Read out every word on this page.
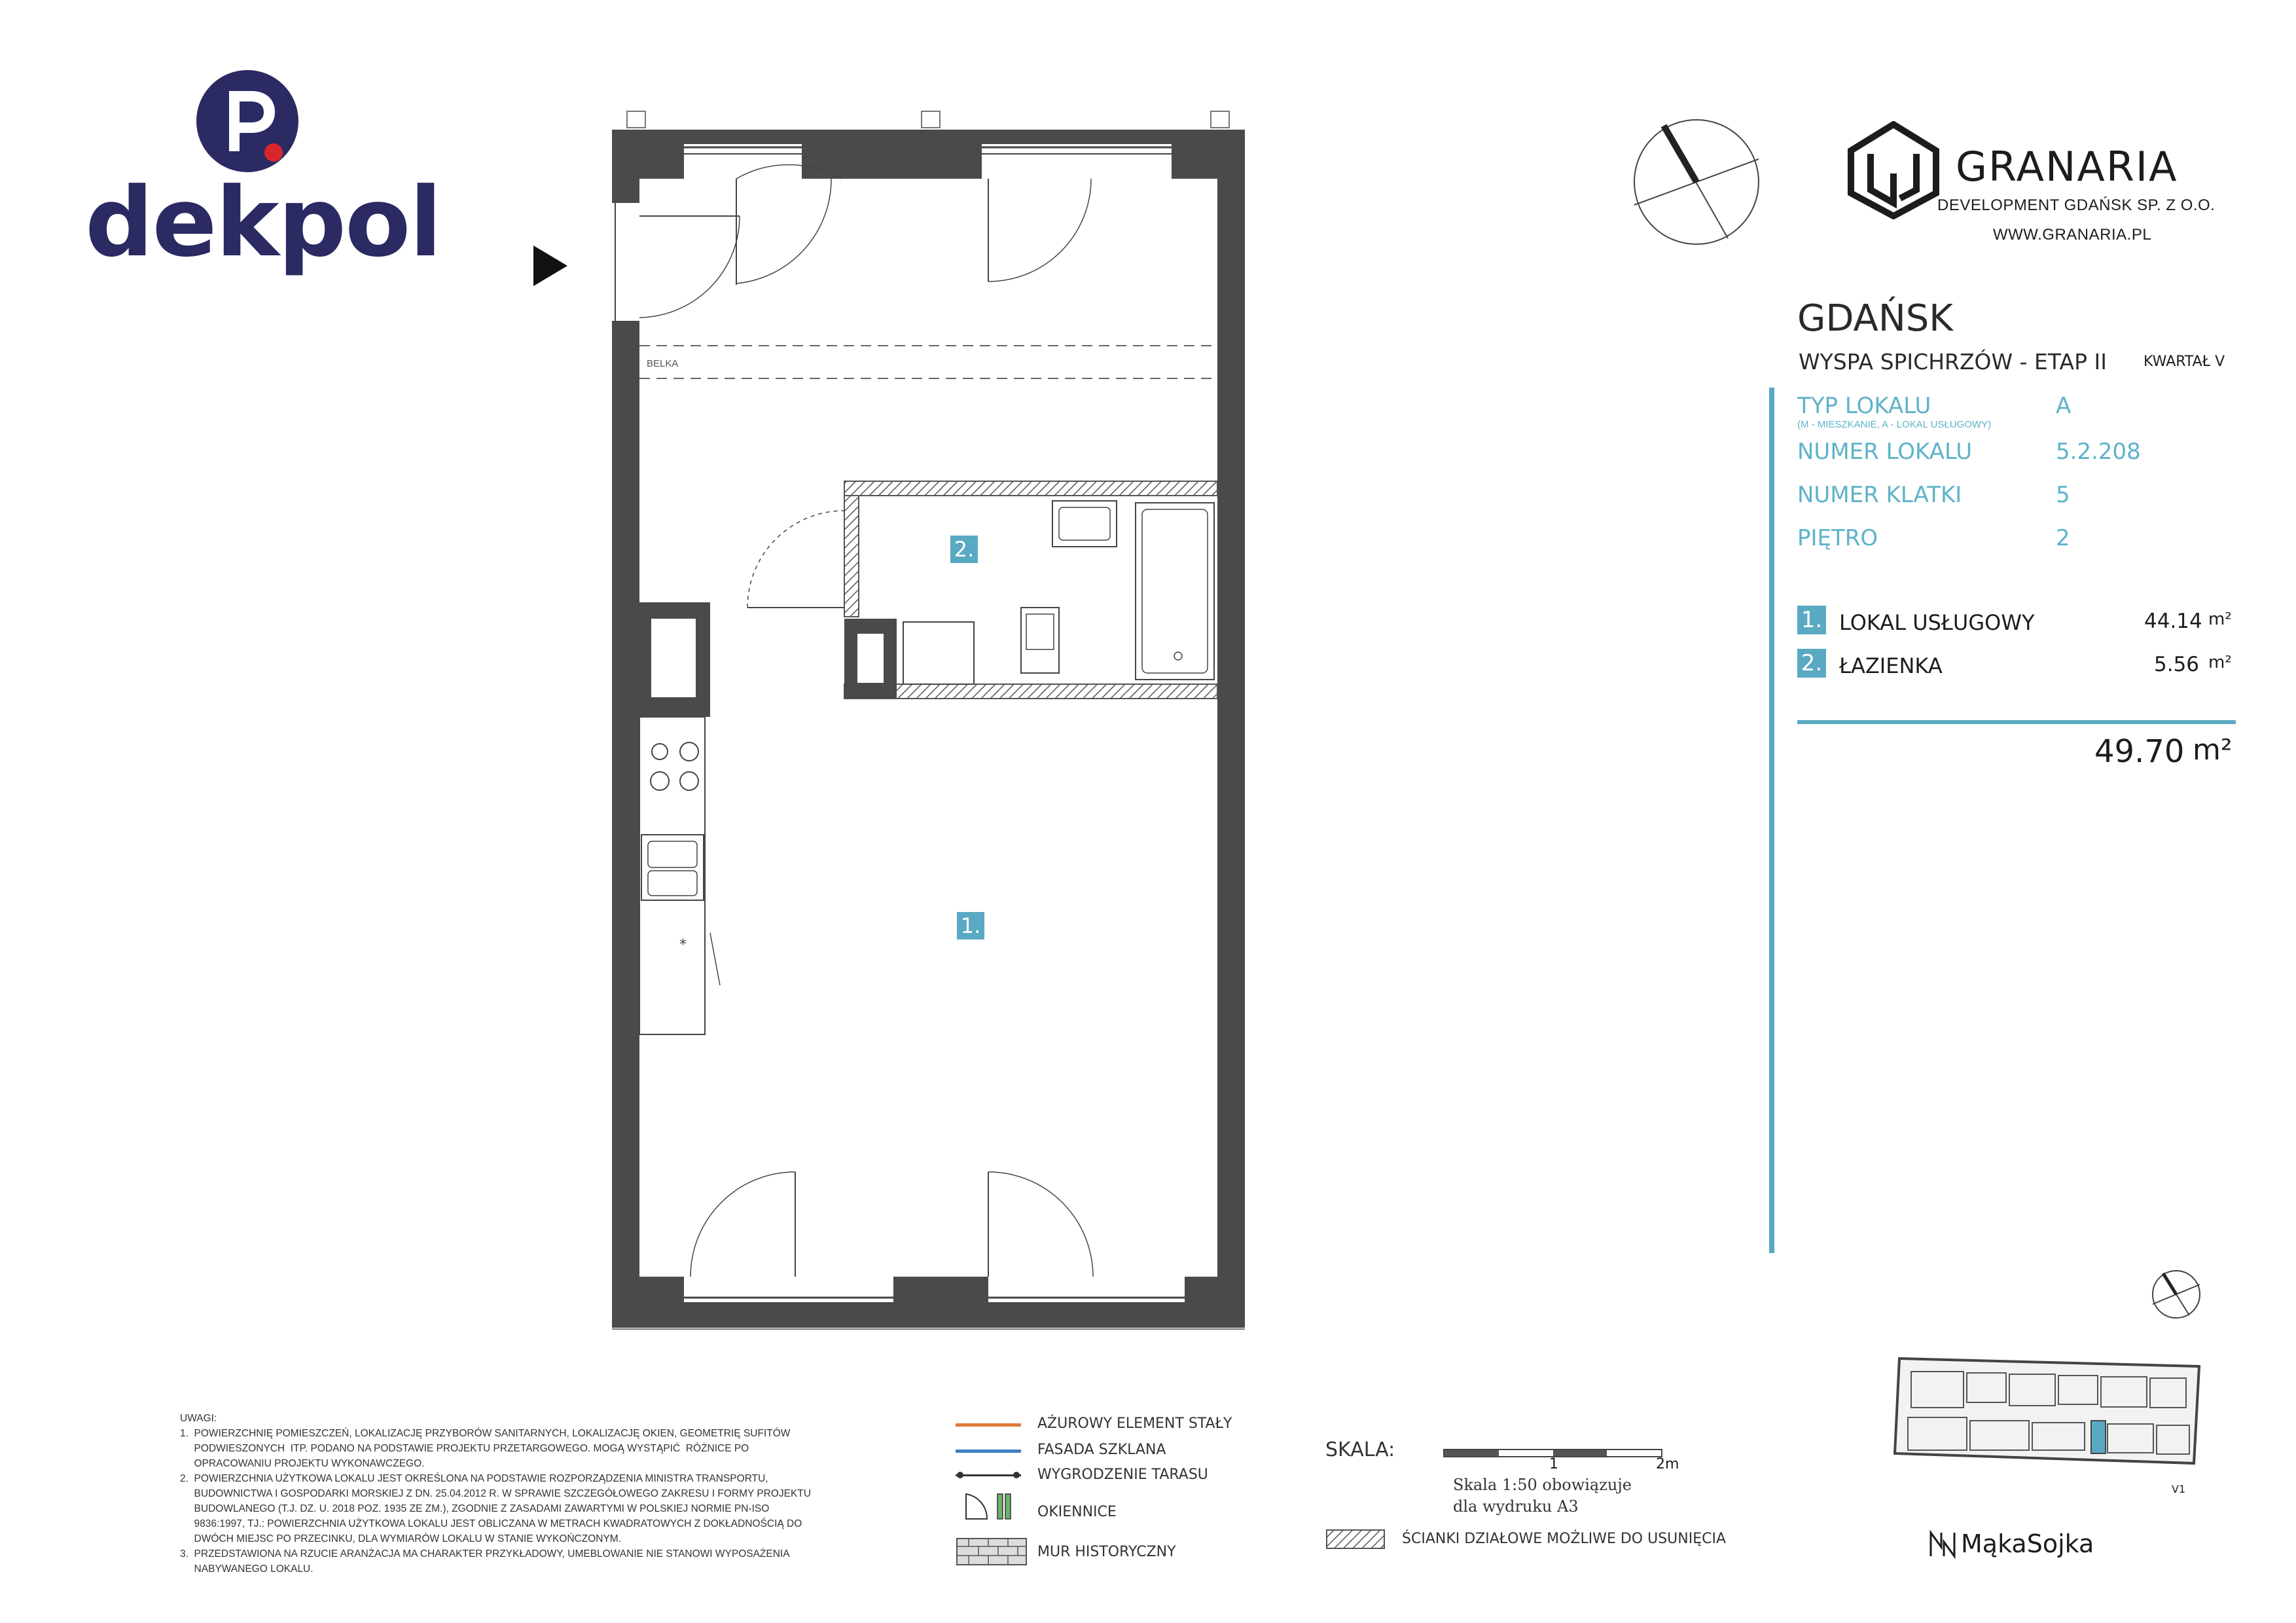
dekpol
BELKA
*
2.
1.
GRANARIA
DEVELOPMENT GDAŃSK SP. Z O.O.
WWW.GRANARIA.PL
GDAŃSK
WYSPA SPICHRZÓW - ETAP II	KWARTAŁ V
TYP LOKALU
(M - MIESZKANIE, A - LOKAL USŁUGOWY)
A
NUMER LOKALU	5.2.208
NUMER KLATKI	5
PIĘTRO	2
1. LOKAL USŁUGOWY	44.14 m²
2. ŁAZIENKA	5.56 m²
49.70 m²
V1
MąkaSojka
UWAGI:
1.  POWIERZCHNIĘ POMIESZCZEŃ, LOKALIZACJĘ PRZYBORÓW SANITARNYCH, LOKALIZACJĘ OKIEN, GEOMETRIĘ SUFITÓW
PODWIESZONYCH  ITP. PODANO NA PODSTAWIE PROJEKTU PRZETARGOWEGO. MOGĄ WYSTĄPIĆ  RÓŻNICE PO
OPRACOWANIU PROJEKTU WYKONAWCZEGO.
2.  POWIERZCHNIA UŻYTKOWA LOKALU JEST OKREŚLONA NA PODSTAWIE ROZPORZĄDZENIA MINISTRA TRANSPORTU,
BUDOWNICTWA I GOSPODARKI MORSKIEJ Z DN. 25.04.2012 R. W SPRAWIE SZCZEGÓŁOWEGO ZAKRESU I FORMY PROJEKTU
BUDOWLANEGO (T.J. DZ. U. 2018 POZ. 1935 ZE ZM.), ZGODNIE Z ZASADAMI ZAWARTYMI W POLSKIEJ NORMIE PN-ISO
9836:1997, TJ.: POWIERZCHNIA UŻYTKOWA LOKALU JEST OBLICZANA W METRACH KWADRATOWYCH Z DOKŁADNOŚCIĄ DO
DWÓCH MIEJSC PO PRZECINKU, DLA WYMIARÓW LOKALU W STANIE WYKOŃCZONYM.
3.  PRZEDSTAWIONA NA RZUCIE ARANŻACJA MA CHARAKTER PRZYKŁADOWY, UMEBLOWANIE NIE STANOWI WYPOSAŻENIA
NABYWANEGO LOKALU.
AŻUROWY ELEMENT STAŁY
FASADA SZKLANA
WYGRODZENIE TARASU
OKIENNICE
MUR HISTORYCZNY
SKALA:
1	2m
Skala 1:50 obowiązuje
dla wydruku A3
ŚCIANKI DZIAŁOWE MOŻLIWE DO USUNIĘCIA
